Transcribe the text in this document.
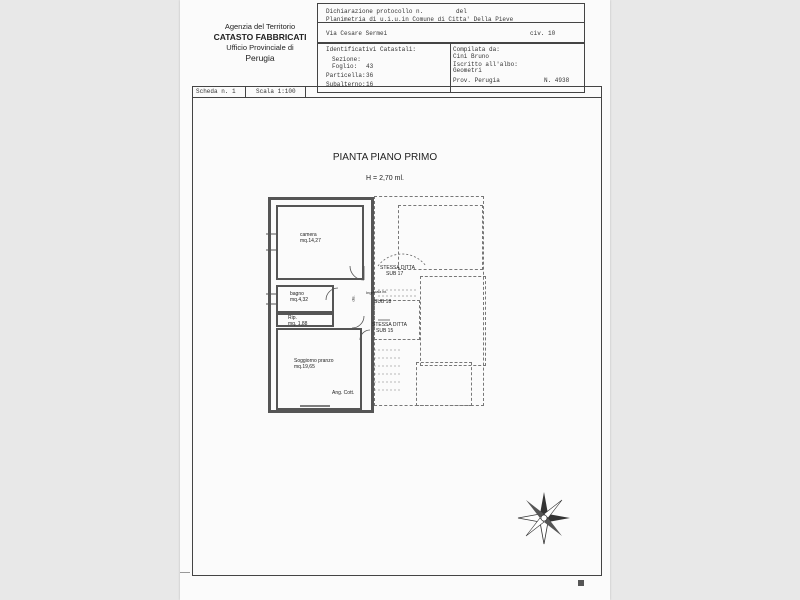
Agenzia del Territorio
CATASTO FABBRICATI
Ufficio Provinciale di
Perugia
Dichiarazione protocollo n.	del
Planimetria di u.i.u.in Comune di Citta' Della Pieve
Via Cesare Sermei	civ. 10
Identificativi Catastali:
Sezione:
Foglio: 43
Particella: 36
Subalterno: 16
Compilata da:
Cini Bruno
Iscritto all'albo:
Geometri
Prov. Perugia	N. 4938
Scheda n. 1	Scala 1:100
PIANTA PIANO PRIMO
H = 2,70 ml.
camera
mq.14,27
bagno
mq.4,32
Rip.
mq. 1,88
Soggiorno pranzo
mq.19,65
Ang. Cott.
dis.
Ingr.
STESSA DITTA
SUB 17
SUB 18
STESSA DITTA
SUB 15
scala int.
